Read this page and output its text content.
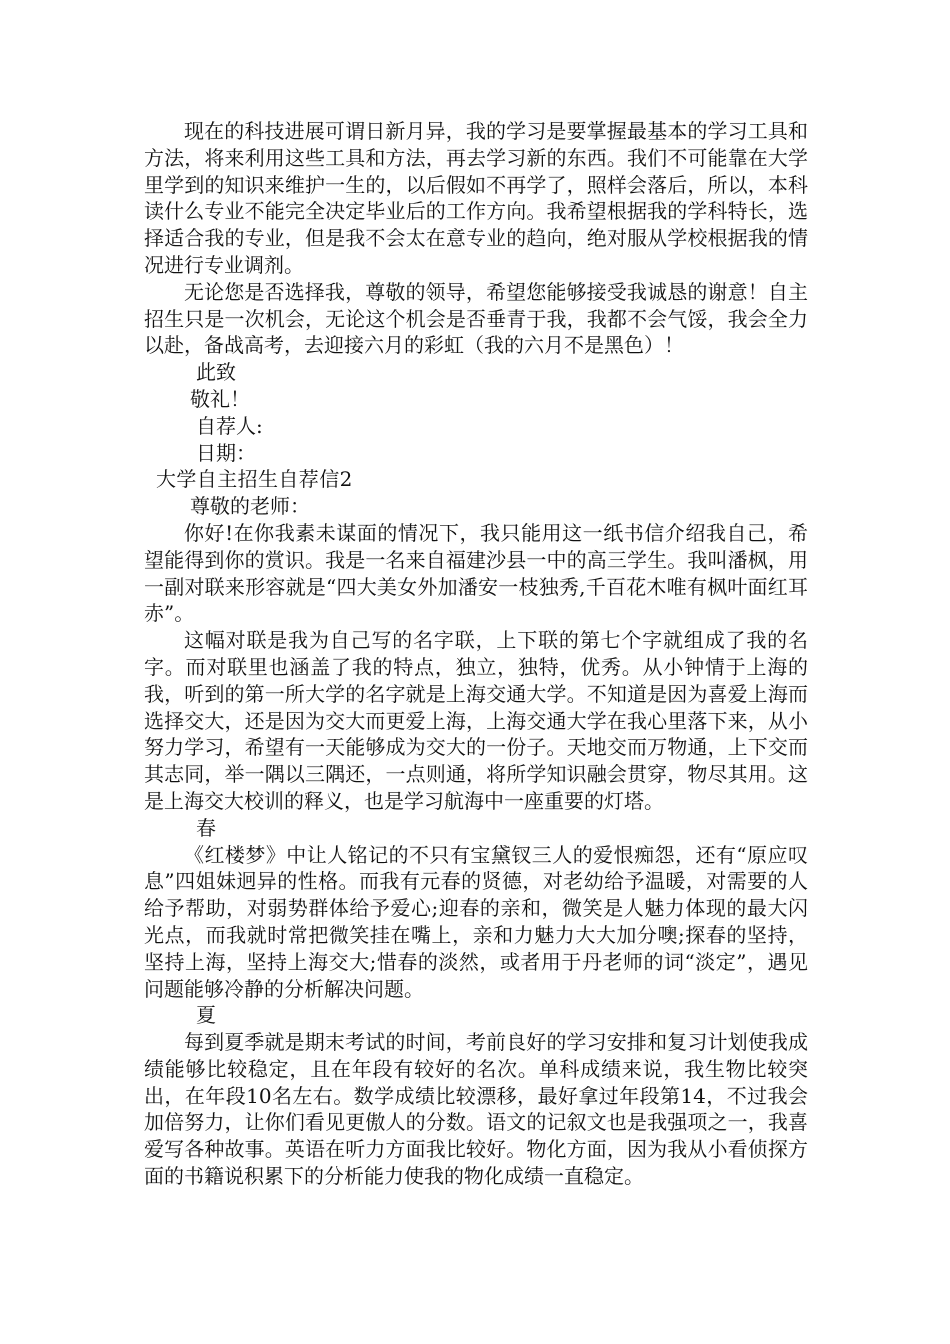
现在的科技进展可谓日新月异，我的学习是要掌握最基本的学习工具和方法，将来利用这些工具和方法，再去学习新的东西。我们不可能靠在大学里学到的知识来维护一生的，以后假如不再学了，照样会落后，所以，本科读什么专业不能完全决定毕业后的工作方向。我希望根据我的学科特长，选择适合我的专业，但是我不会太在意专业的趋向，绝对服从学校根据我的情况进行专业调剂。

无论您是否选择我，尊敬的领导，希望您能够接受我诚恳的谢意！自主招生只是一次机会，无论这个机会是否垂青于我，我都不会气馁，我会全力以赴，备战高考，去迎接六月的彩虹（我的六月不是黑色）！

此致

敬礼！

自荐人:

日期：

大学自主招生自荐信2

尊敬的老师：

你好!在你我素未谋面的情况下，我只能用这一纸书信介绍我自己，希望能得到你的赏识。我是一名来自福建沙县一中的高三学生。我叫潘枫，用一副对联来形容就是“四大美女外加潘安一枝独秀,千百花木唯有枫叶面红耳赤”。

这幅对联是我为自己写的名字联，上下联的第七个字就组成了我的名字。而对联里也涵盖了我的特点，独立，独特，优秀。从小钟情于上海的我，听到的第一所大学的名字就是上海交通大学。不知道是因为喜爱上海而选择交大，还是因为交大而更爱上海，上海交通大学在我心里落下来，从小努力学习，希望有一天能够成为交大的一份子。天地交而万物通，上下交而其志同，举一隅以三隅还，一点则通，将所学知识融会贯穿，物尽其用。这是上海交大校训的释义，也是学习航海中一座重要的灯塔。

春

《红楼梦》中让人铭记的不只有宝黛钗三人的爱恨痴怨，还有“原应叹息”四姐妹迥异的性格。而我有元春的贤德，对老幼给予温暖，对需要的人给予帮助，对弱势群体给予爱心;迎春的亲和，微笑是人魅力体现的最大闪光点，而我就时常把微笑挂在嘴上，亲和力魅力大大加分噢;探春的坚持，坚持上海，坚持上海交大;惜春的淡然，或者用于丹老师的词“淡定”，遇见问题能够冷静的分析解决问题。

夏

每到夏季就是期末考试的时间，考前良好的学习安排和复习计划使我成绩能够比较稳定，且在年段有较好的名次。单科成绩来说，我生物比较突出，在年段10名左右。数学成绩比较漂移，最好拿过年段第14，不过我会加倍努力，让你们看见更傲人的分数。语文的记叙文也是我强项之一，我喜爱写各种故事。英语在听力方面我比较好。物化方面，因为我从小看侦探方面的书籍说积累下的分析能力使我的物化成绩一直稳定。
